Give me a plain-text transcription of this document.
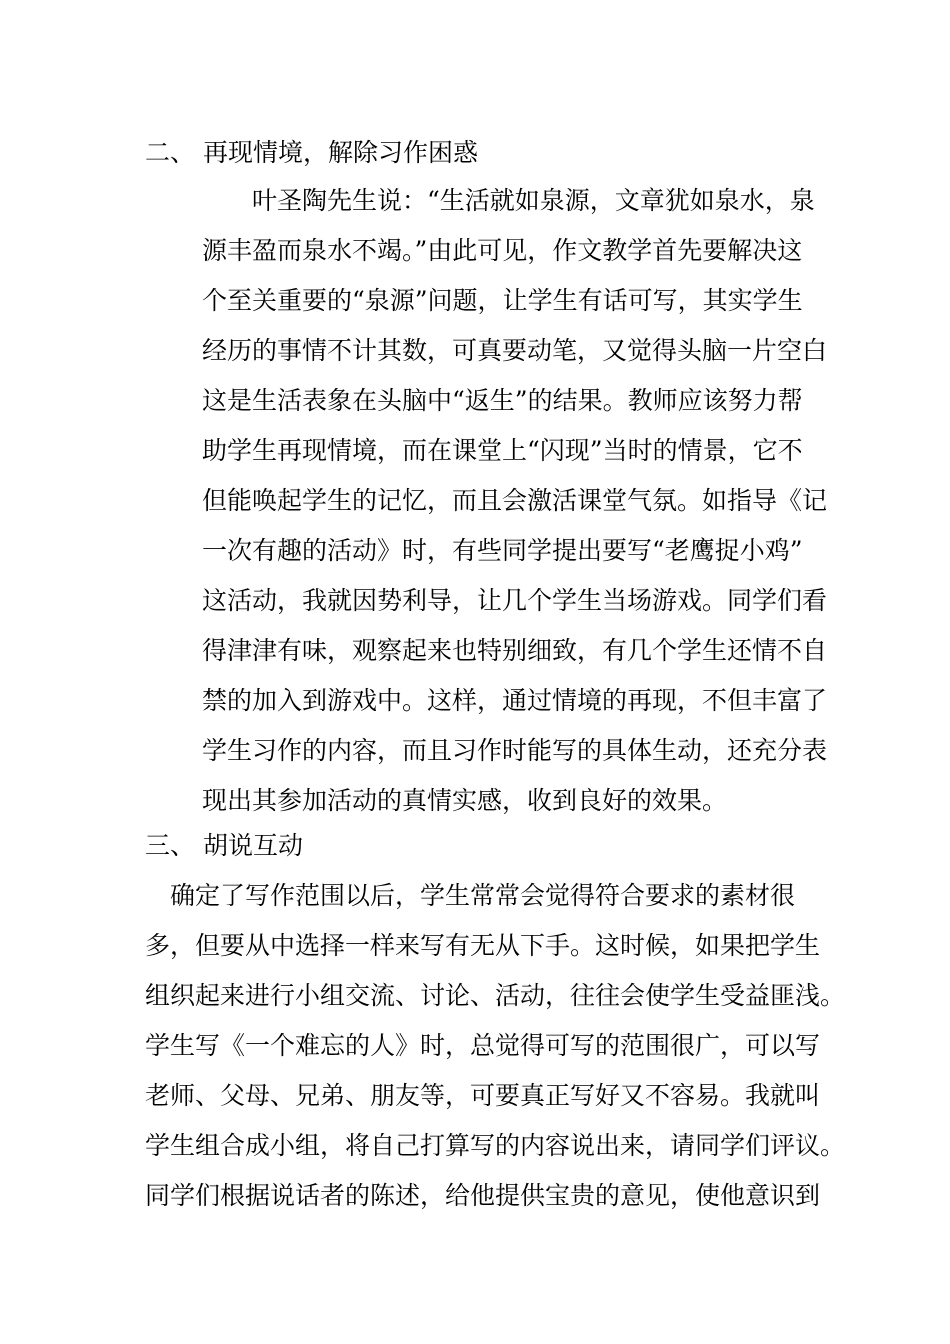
二、 再现情境，解除习作困惑
　　叶圣陶先生说：“生活就如泉源，文章犹如泉水，泉
源丰盈而泉水不竭。”由此可见，作文教学首先要解决这
个至关重要的“泉源”问题，让学生有话可写，其实学生
经历的事情不计其数，可真要动笔，又觉得头脑一片空白
这是生活表象在头脑中“返生”的结果。教师应该努力帮
助学生再现情境，而在课堂上“闪现”当时的情景，它不
但能唤起学生的记忆，而且会激活课堂气氛。如指导《记
一次有趣的活动》时，有些同学提出要写“老鹰捉小鸡”
这活动，我就因势利导，让几个学生当场游戏。同学们看
得津津有味，观察起来也特别细致，有几个学生还情不自
禁的加入到游戏中。这样，通过情境的再现，不但丰富了
学生习作的内容，而且习作时能写的具体生动，还充分表
现出其参加活动的真情实感，收到良好的效果。
三、 胡说互动
　确定了写作范围以后，学生常常会觉得符合要求的素材很
多，但要从中选择一样来写有无从下手。这时候，如果把学生
组织起来进行小组交流、讨论、活动，往往会使学生受益匪浅。
学生写《一个难忘的人》时，总觉得可写的范围很广，可以写
老师、父母、兄弟、朋友等，可要真正写好又不容易。我就叫
学生组合成小组，将自己打算写的内容说出来，请同学们评议。
同学们根据说话者的陈述，给他提供宝贵的意见，使他意识到
